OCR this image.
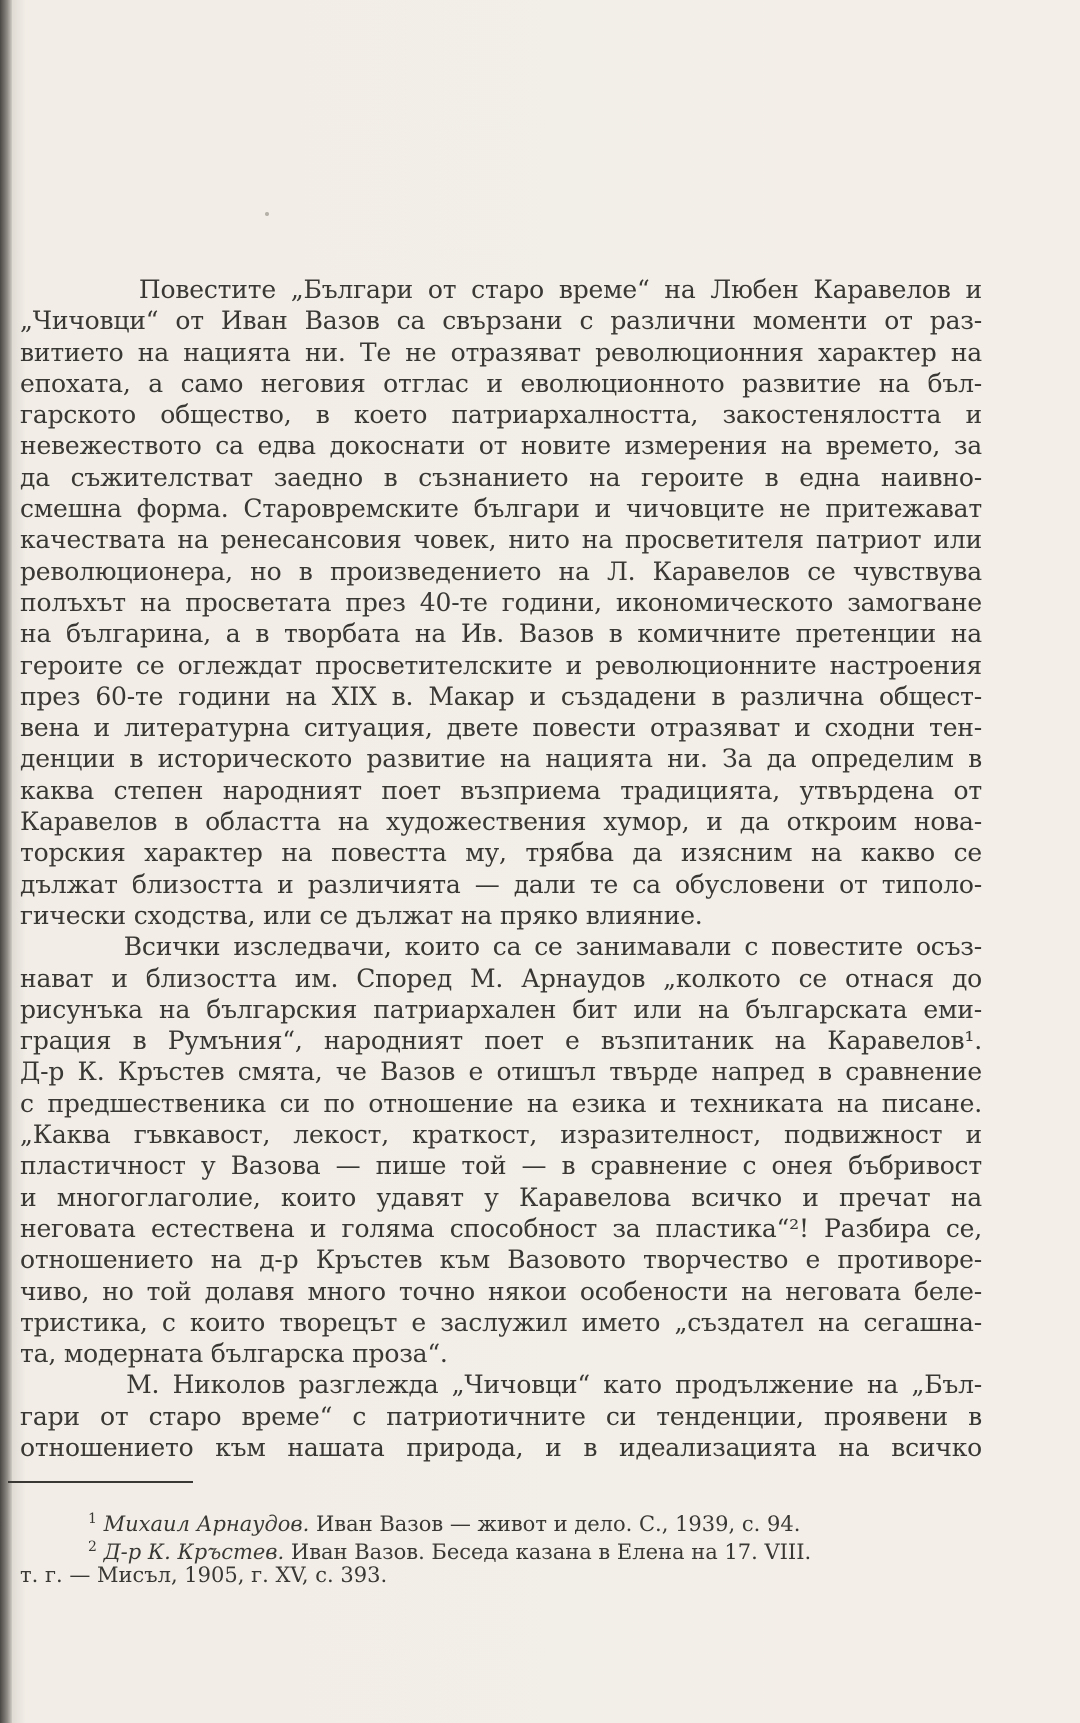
Повестите „Българи от старо време“ на Любен Каравелов и
„Чичовци“ от Иван Вазов са свързани с различни моменти от раз-
витието на нацията ни. Те не отразяват революционния характер на
епохата, а само неговия отглас и еволюционното развитие на бъл-
гарското общество, в което патриархалността, закостенялостта и
невежеството са едва докоснати от новите измерения на времето, за
да съжителстват заедно в съзнанието на героите в една наивно-
смешна форма. Старовремските българи и чичовците не притежават
качествата на ренесансовия човек, нито на просветителя патриот или
революционера, но в произведението на Л. Каравелов се чувствува
полъхът на просветата през 40-те години, икономическото замогване
на българина, а в творбата на Ив. Вазов в комичните претенции на
героите се оглеждат просветителските и революционните настроения
през 60-те години на XIX в. Макар и създадени в различна общест-
вена и литературна ситуация, двете повести отразяват и сходни тен-
денции в историческото развитие на нацията ни. За да определим в
каква степен народният поет възприема традицията, утвърдена от
Каравелов в областта на художествения хумор, и да откроим нова-
торския характер на повестта му, трябва да изясним на какво се
дължат близостта и различията — дали те са обусловени от типоло-
гически сходства, или се дължат на пряко влияние.
Всички изследвачи, които са се занимавали с повестите осъз-
нават и близостта им. Според М. Арнаудов „колкото се отнася до
рисунъка на българския патриархален бит или на българската еми-
грация в Румъния“, народният поет е възпитаник на Каравелов¹.
Д-р К. Кръстев смята, че Вазов е отишъл твърде напред в сравнение
с предшественика си по отношение на езика и техниката на писане.
„Каква гъвкавост, лекост, краткост, изразителност, подвижност и
пластичност у Вазова — пише той — в сравнение с онея бъбривост
и многоглаголие, които удавят у Каравелова всичко и пречат на
неговата естествена и голяма способност за пластика“²! Разбира се,
отношението на д-р Кръстев към Вазовото творчество е противоре-
чиво, но той долавя много точно някои особености на неговата беле-
тристика, с които творецът е заслужил името „създател на сегашна-
та, модерната българска проза“.
М. Николов разглежда „Чичовци“ като продължение на „Бъл-
гари от старо време“ с патриотичните си тенденции, проявени в
отношението към нашата природа, и в идеализацията на всичко
$^1$ Михаил Арнаудов. Иван Вазов — живот и дело. С., 1939, с. 94.
$^2$ Д-р К. Кръстев. Иван Вазов. Беседа казана в Елена на 17. VIII.
т. г. — Мисъл, 1905, г. XV, с. 393.
